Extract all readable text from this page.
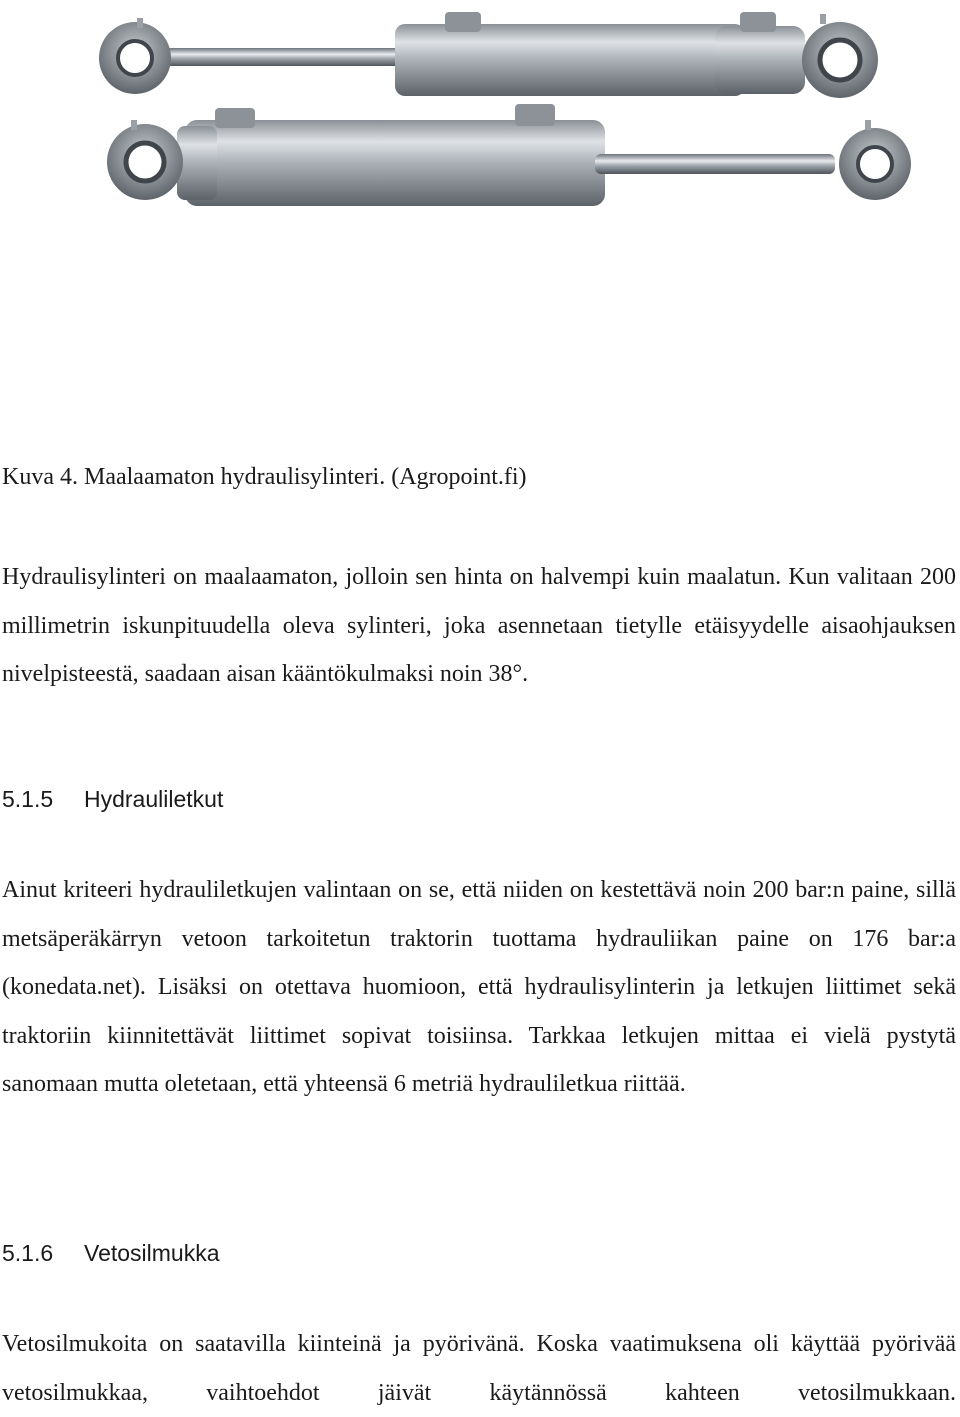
Kuva 4. Maalaamaton hydraulisylinteri. (Agropoint.fi)

Hydraulisylinteri on maalaamaton, jolloin sen hinta on halvempi kuin maalatun. Kun valitaan 200 millimetrin iskunpituudella oleva sylinteri, joka asennetaan tietylle etäisyydelle aisaohjauksen nivelpisteestä, saadaan aisan kääntökulmaksi noin 38°.

5.1.5 Hydrauliletkut

Ainut kriteeri hydrauliletkujen valintaan on se, että niiden on kestettävä noin 200 bar:n paine, sillä metsäperäkärryn vetoon tarkoitetun traktorin tuottama hydrauliikan paine on 176 bar:a (konedata.net). Lisäksi on otettava huomioon, että hydraulisylinterin ja letkujen liittimet sekä traktoriin kiinnitettävät liittimet sopivat toisiinsa. Tarkkaa letkujen mittaa ei vielä pystytä sanomaan mutta oletetaan, että yhteensä 6 metriä hydrauliletkua riittää.

5.1.6 Vetosilmukka

Vetosilmukoita on saatavilla kiinteinä ja pyörivänä. Koska vaatimuksena oli käyttää pyörivää vetosilmukkaa, vaihtoehdot jäivät käytännössä kahteen vetosilmukkaan.
